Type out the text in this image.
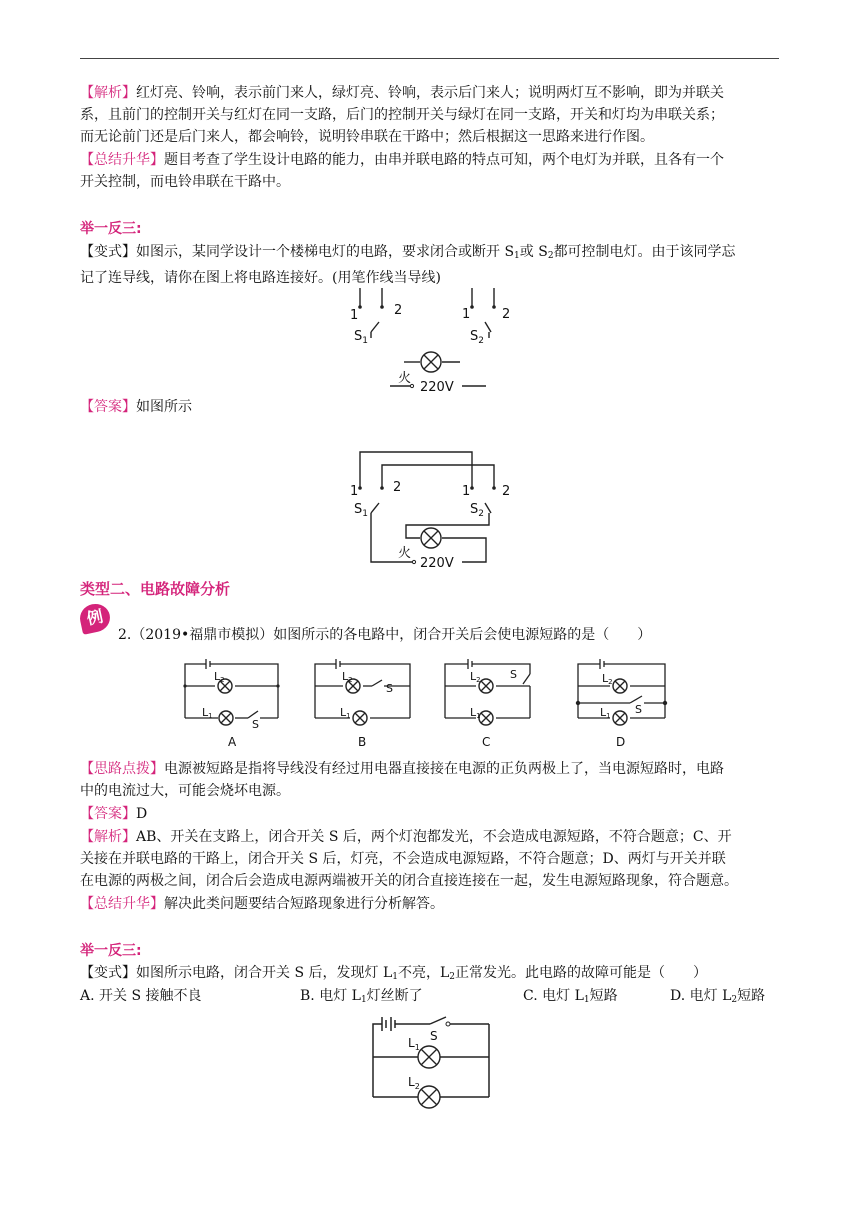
【解析】红灯亮、铃响，表示前门来人，绿灯亮、铃响，表示后门来人；说明两灯互不影响，即为并联关
系，且前门的控制开关与红灯在同一支路，后门的控制开关与绿灯在同一支路，开关和灯均为串联关系；
而无论前门还是后门来人，都会响铃，说明铃串联在干路中；然后根据这一思路来进行作图。
【总结升华】题目考查了学生设计电路的能力，由串并联电路的特点可知，两个电灯为并联，且各有一个
开关控制，而电铃串联在干路中。
举一反三:
【变式】如图示，某同学设计一个楼梯电灯的电路，要求闭合或断开 $S_1$或 $S_2$都可控制电灯。由于该同学忘
记了连导线，请你在图上将电路连接好。(用笔作线当导线)
1	2	1 2
$S_1$	$S_2$
火
220V
【答案】如图所示
1	2	1 2
$S_1$	$S_2$
火
220V
类型二、电路故障分析
例
2.（2019•福鼎市模拟）如图所示的各电路中，闭合开关后会使电源短路的是（　　）
L2
L1
S
L2
L1
S
L2
L1
S	L2
L1 S
A	B	C	D
【思路点拨】电源被短路是指将导线没有经过用电器直接接在电源的正负两极上了，当电源短路时，电路
中的电流过大，可能会烧坏电源。
【答案】D
【解析】AB、开关在支路上，闭合开关 S 后，两个灯泡都发光，不会造成电源短路，不符合题意；C、开
关接在并联电路的干路上，闭合开关 S 后，灯亮，不会造成电源短路，不符合题意；D、两灯与开关并联
在电源的两极之间，闭合后会造成电源两端被开关的闭合直接连接在一起，发生电源短路现象，符合题意。
【总结升华】解决此类问题要结合短路现象进行分析解答。
举一反三:
【变式】如图所示电路，闭合开关 S 后，发现灯 $L_1$不亮，$L_2$正常发光。此电路的故障可能是（　　）
A. 开关 S 接触不良	B. 电灯 $L_1$灯丝断了	C. 电灯 $L_1$短路	D. 电灯 $L_2$短路
S
$L_1$
$L_2$
